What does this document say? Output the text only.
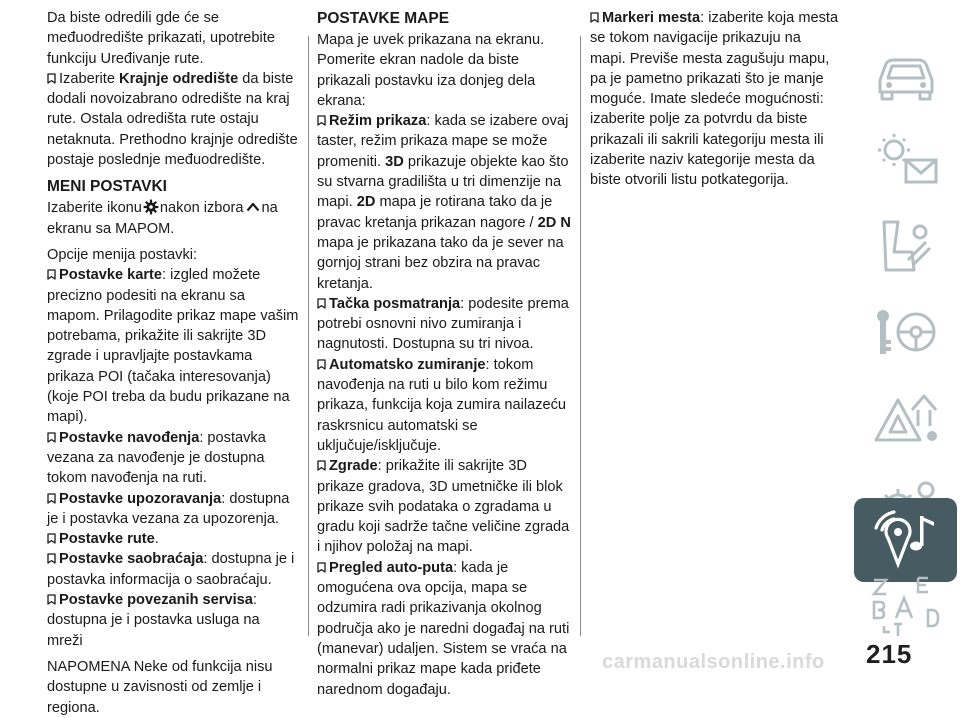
Da biste odredili gde će se međuodredište prikazati, upotrebite funkciju Uređivanje rute.

Izaberite Krajnje odredište da biste dodali novoizabrano odredište na kraj rute. Ostala odredišta rute ostaju netaknuta. Prethodno krajnje odredište postaje poslednje međuodredište.

MENI POSTAVKI

Izaberite ikonu nakon izbora na ekranu sa MAPOM.

Opcije menija postavki:

Postavke karte: izgled možete precizno podesiti na ekranu sa mapom. Prilagodite prikaz mape vašim potrebama, prikažite ili sakrijte 3D zgrade i upravljajte postavkama prikaza POI (tačaka interesovanja) (koje POI treba da budu prikazane na mapi).

Postavke navođenja: postavka vezana za navođenje je dostupna tokom navođenja na ruti.

Postavke upozoravanja: dostupna je i postavka vezana za upozorenja.

Postavke rute.

Postavke saobraćaja: dostupna je i postavka informacija o saobraćaju.

Postavke povezanih servisa: dostupna je i postavka usluga na mreži

NAPOMENA Neke od funkcija nisu dostupne u zavisnosti od zemlje i regiona.

POSTAVKE MAPE

Mapa je uvek prikazana na ekranu. Pomerite ekran nadole da biste prikazali postavku iza donjeg dela ekrana:

Režim prikaza: kada se izabere ovaj taster, režim prikaza mape se može promeniti. 3D prikazuje objekte kao što su stvarna gradilišta u tri dimenzije na mapi. 2D mapa je rotirana tako da je pravac kretanja prikazan nagore / 2D N mapa je prikazana tako da je sever na gornjoj strani bez obzira na pravac kretanja.

Tačka posmatranja: podesite prema potrebi osnovni nivo zumiranja i nagnutosti. Dostupna su tri nivoa.

Automatsko zumiranje: tokom navođenja na ruti u bilo kom režimu prikaza, funkcija koja zumira nailazeću raskrsnicu automatski se uključuje/isključuje.

Zgrade: prikažite ili sakrijte 3D prikaze gradova, 3D umetničke ili blok prikaze svih podataka o zgradama u gradu koji sadrže tačne veličine zgrada i njihov položaj na mapi.

Pregled auto-puta: kada je omogućena ova opcija, mapa se odzumira radi prikazivanja okolnog područja ako je naredni događaj na ruti (manevar) udaljen. Sistem se vraća na normalni prikaz mape kada priđete narednom događaju.

Markeri mesta: izaberite koja mesta se tokom navigacije prikazuju na mapi. Previše mesta zagušuju mapu, pa je pametno prikazati što je manje moguće. Imate sledeće mogućnosti: izaberite polje za potvrdu da biste prikazali ili sakrili kategoriju mesta ili izaberite naziv kategorije mesta da biste otvorili listu potkategorija.

carmanualsonline.info 215
